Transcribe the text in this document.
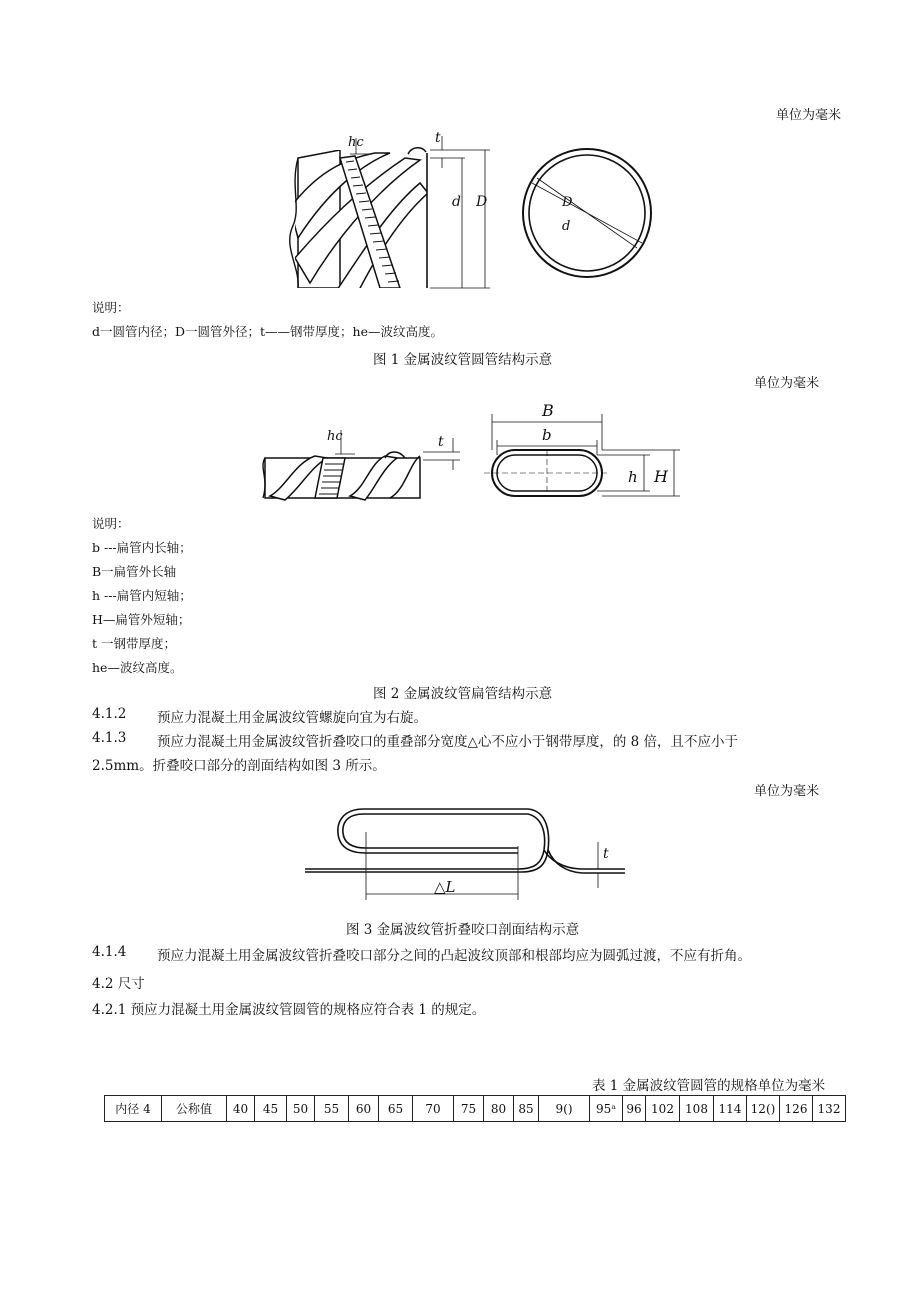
单位为毫米
hc	t
d D	D
d
说明：
d一圆管内径；D一圆管外径；t——钢带厚度；he—波纹高度。
图 1 金属波纹管圆管结构示意
单位为毫米
hc	t
B
b
h H
说明：
b ---扁管内长轴；
B一扁管外长轴
h ---扁管内短轴；
H—扁管外短轴；
t 一钢带厚度；
he—波纹高度。
图 2 金属波纹管扁管结构示意
4.1.2 预应力混凝土用金属波纹管螺旋向宜为右旋。
4.1.3 预应力混凝土用金属波纹管折叠咬口的重叠部分宽度△心不应小于钢带厚度，的 8 倍，且不应小于
2.5mm。折叠咬口部分的剖面结构如图 3 所示。
单位为毫米
△L
t
图 3 金属波纹管折叠咬口剖面结构示意
4.1.4 预应力混凝土用金属波纹管折叠咬口部分之间的凸起波纹顶部和根部均应为圆弧过渡，不应有折角。
4.2 尺寸
4.2.1 预应力混凝土用金属波纹管圆管的规格应符合表 1 的规定。
表 1 金属波纹管圆管的规格单位为毫米
内径 4	公称值	40	45	50	55	60	65	70	75	80	85	9()	95ᵃ	96	102	108	114	12()	126	132
